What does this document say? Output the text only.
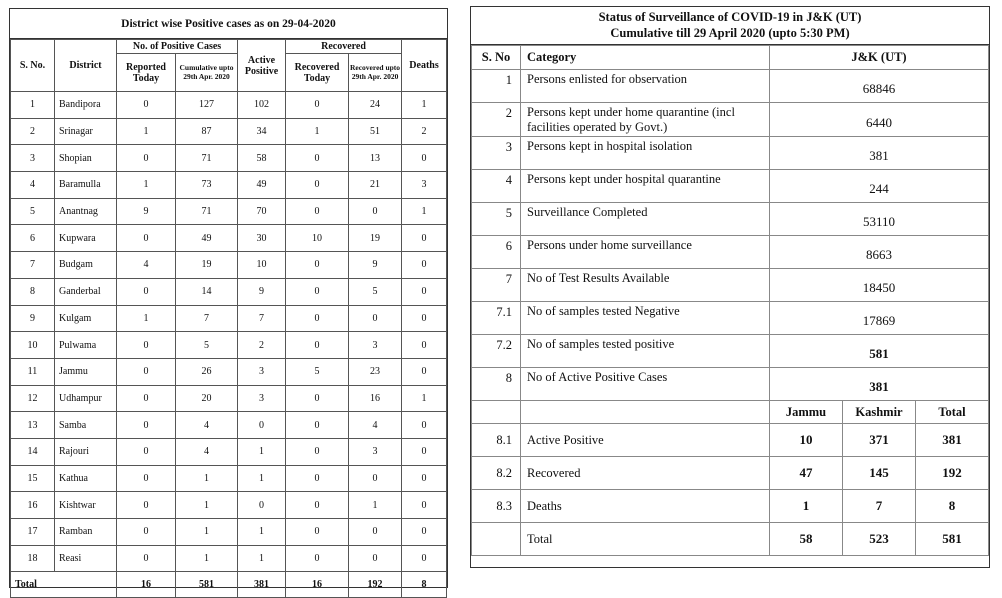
District wise Positive cases as on 29-04-2020
S. No.	District	No. of Positive Cases		Active Positive	Recovered		Deaths
		Reported Today	Cumulative upto 29th Apr. 2020		Recovered Today	Recovered upto 29th Apr. 2020	
1	Bandipora	0	127	102	0	24	1
2	Srinagar	1	87	34	1	51	2
3	Shopian	0	71	58	0	13	0
4	Baramulla	1	73	49	0	21	3
5	Anantnag	9	71	70	0	0	1
6	Kupwara	0	49	30	10	19	0
7	Budgam	4	19	10	0	9	0
8	Ganderbal	0	14	9	0	5	0
9	Kulgam	1	7	7	0	0	0
10	Pulwama	0	5	2	0	3	0
11	Jammu	0	26	3	5	23	0
12	Udhampur	0	20	3	0	16	1
13	Samba	0	4	0	0	4	0
14	Rajouri	0	4	1	0	3	0
15	Kathua	0	1	1	0	0	0
16	Kishtwar	0	1	0	0	1	0
17	Ramban	0	1	1	0	0	0
18	Reasi	0	1	1	0	0	0
Total		16	581	381	16	192	8
Status of Surveillance of COVID-19 in J&K (UT)
Cumulative till 29 April 2020 (upto 5:30 PM)
S. No	Category	J&K (UT)		
1	Persons enlisted for observation	68846		
2	Persons kept under home quarantine (incl facilities operated by Govt.)	6440		
3	Persons kept in hospital isolation	381		
4	Persons kept under hospital quarantine	244		
5	Surveillance Completed	53110		
6	Persons under home surveillance	8663		
7	No of Test Results Available	18450		
7.1	No of samples tested Negative	17869		
7.2	No of samples tested positive	581		
8	No of Active Positive Cases	381		
		Jammu	Kashmir	Total
8.1	Active Positive	10	371	381
8.2	Recovered	47	145	192
8.3	Deaths	1	7	8
	Total	58	523	581
